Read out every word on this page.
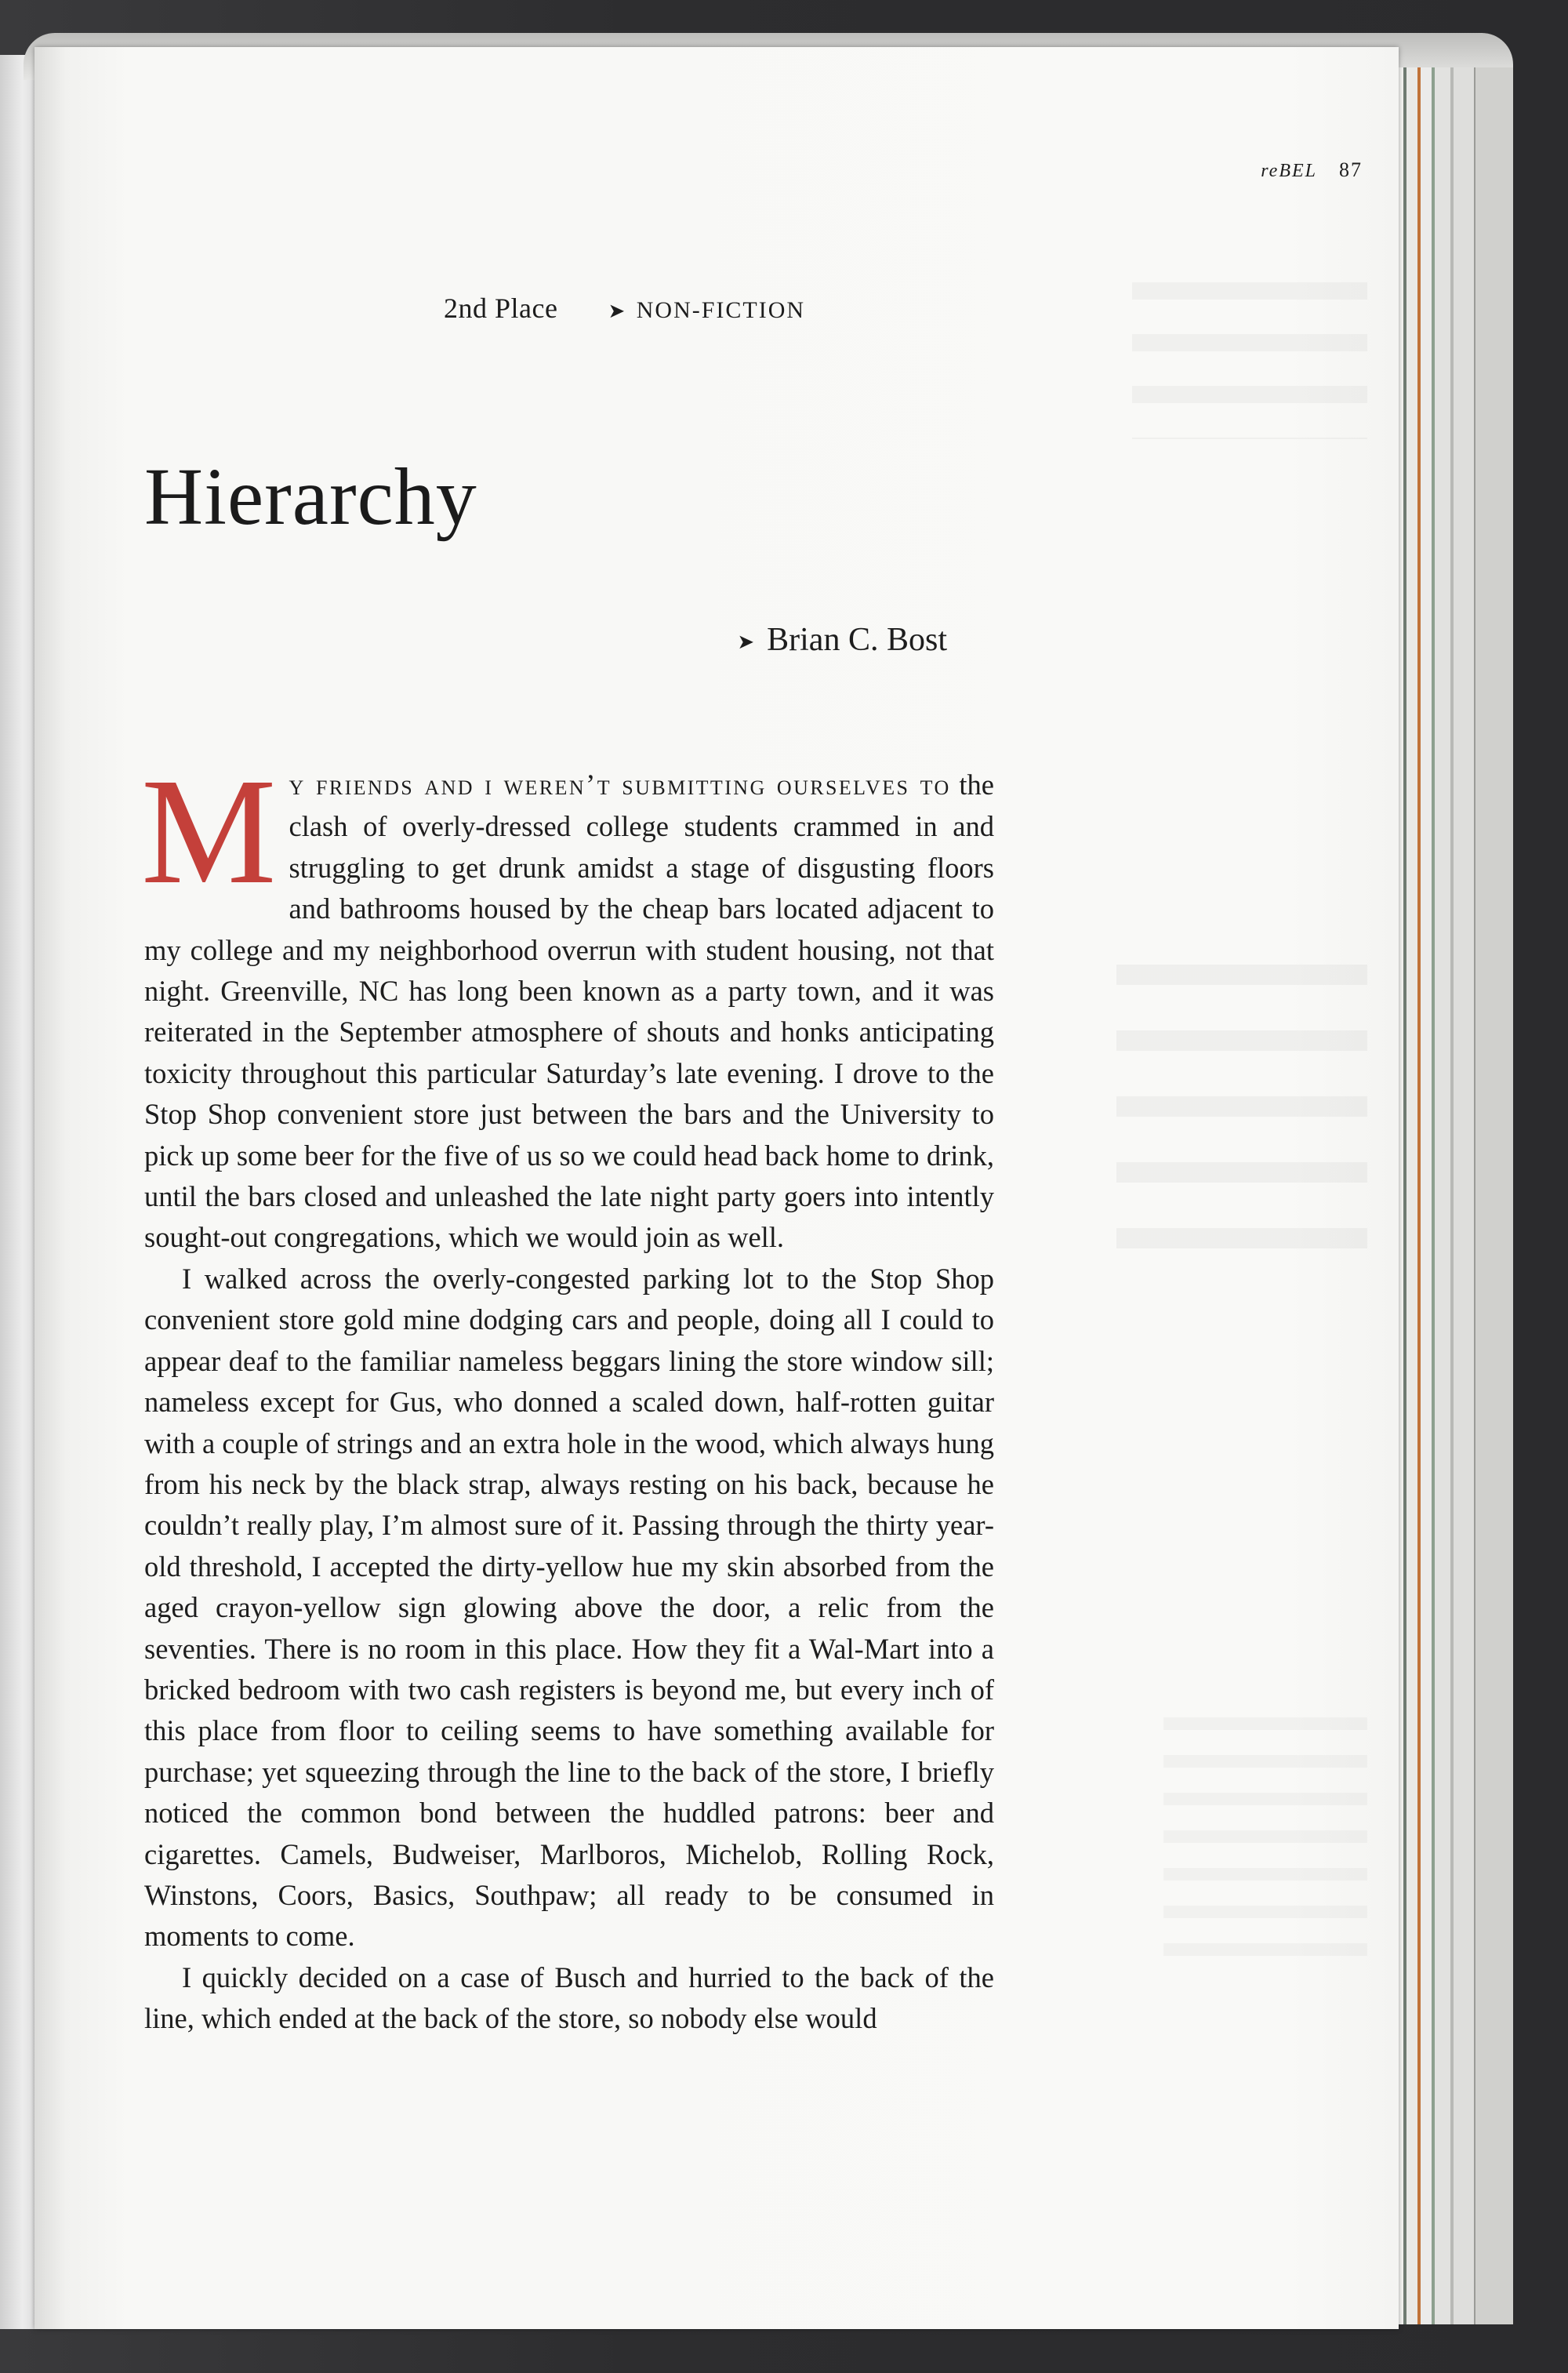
reBEL 87
2nd Place ➤ NON-FICTION
Hierarchy
➤ Brian C. Bost

My friends and i weren’t submitting ourselves to the clash of overly-dressed college students crammed in and struggling to get drunk amidst a stage of disgusting floors and bathrooms housed by the cheap bars located adjacent to my college and my neighborhood overrun with student housing, not that night. Greenville, NC has long been known as a party town, and it was reiterated in the September atmosphere of shouts and honks anticipating toxicity throughout this particular Saturday’s late evening. I drove to the Stop Shop convenient store just between the bars and the University to pick up some beer for the five of us so we could head back home to drink, until the bars closed and unleashed the late night party goers into intently sought-out congregations, which we would join as well.

I walked across the overly-congested parking lot to the Stop Shop convenient store gold mine dodging cars and people, doing all I could to appear deaf to the familiar nameless beggars lining the store window sill; nameless except for Gus, who donned a scaled down, half-rotten guitar with a couple of strings and an extra hole in the wood, which always hung from his neck by the black strap, always resting on his back, because he couldn’t really play, I’m almost sure of it. Passing through the thirty year-old threshold, I accepted the dirty-yellow hue my skin absorbed from the aged crayon-yellow sign glowing above the door, a relic from the seventies. There is no room in this place. How they fit a Wal-Mart into a bricked bedroom with two cash registers is beyond me, but every inch of this place from floor to ceiling seems to have something available for purchase; yet squeezing through the line to the back of the store, I briefly noticed the common bond between the huddled patrons: beer and cigarettes. Camels, Budweiser, Marlboros, Michelob, Rolling Rock, Winstons, Coors, Basics, Southpaw; all ready to be consumed in moments to come.

I quickly decided on a case of Busch and hurried to the back of the line, which ended at the back of the store, so nobody else would
